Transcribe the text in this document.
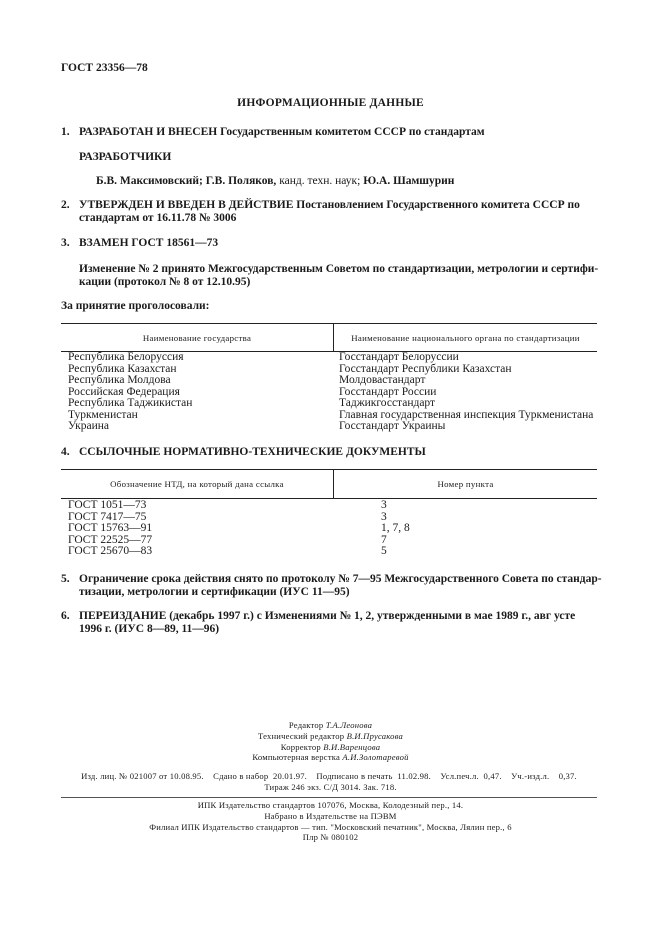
ГОСТ 23356—78
ИНФОРМАЦИОННЫЕ ДАННЫЕ
1. РАЗРАБОТАН И ВНЕСЕН Государственным комитетом СССР по стандартам
РАЗРАБОТЧИКИ
Б.В. Максимовский; Г.В. Поляков, канд. техн. наук; Ю.А. Шамшурин
2. УТВЕРЖДЕН И ВВЕДЕН В ДЕЙСТВИЕ Постановлением Государственного комитета СССР по
стандартам от 16.11.78 № 3006
3. ВЗАМЕН ГОСТ 18561—73
Изменение № 2 принято Межгосударственным Советом по стандартизации, метрологии и сертифи-
кации (протокол № 8 от 12.10.95)
За принятие проголосовали:
Наименование государства	Наименование национального органа по стандартизации
Республика Белоруссия
Республика Казахстан
Республика Молдова
Российская Федерация
Республика Таджикистан
Туркменистан
Украина
Госстандарт Белоруссии
Госстандарт Республики Казахстан
Молдовастандарт
Госстандарт России
Таджикгосстандарт
Главная государственная инспекция Туркменистана
Госстандарт Украины
4. ССЫЛОЧНЫЕ НОРМАТИВНО-ТЕХНИЧЕСКИЕ ДОКУМЕНТЫ
Обозначение НТД, на который дана ссылка	Номер пункта
ГОСТ 1051—73
ГОСТ 7417—75
ГОСТ 15763—91
ГОСТ 22525—77
ГОСТ 25670—83
3
3
1, 7, 8
7
5
5. Ограничение срока действия снято по протоколу № 7—95 Межгосударственного Совета по стандар-
тизации, метрологии и сертификации (ИУС 11—95)
6. ПЕРЕИЗДАНИЕ (декабрь 1997 г.) с Изменениями № 1, 2, утвержденными в мае 1989 г., авг усте
1996 г. (ИУС 8—89, 11—96)
Редактор Т.А.Леонова
Технический редактор В.И.Прусакова
Корректор В.И.Варенцова
Компьютерная верстка А.И.Золотаревой
Изд. лиц. № 021007 от 10.08.95.    Сдано в набор  20.01.97.    Подписано в печать  11.02.98.    Усл.печ.л.  0,47.    Уч.-изд.л.    0,37.
Тираж 246 экз. С/Д 3014. Зак. 718.
ИПК Издательство стандартов 107076, Москва, Колодезный пер., 14.
Набрано в Издательстве на ПЭВМ
Филиал ИПК Издательство стандартов — тип. "Московский печатник", Москва, Лялин пер., 6
Плр № 080102
